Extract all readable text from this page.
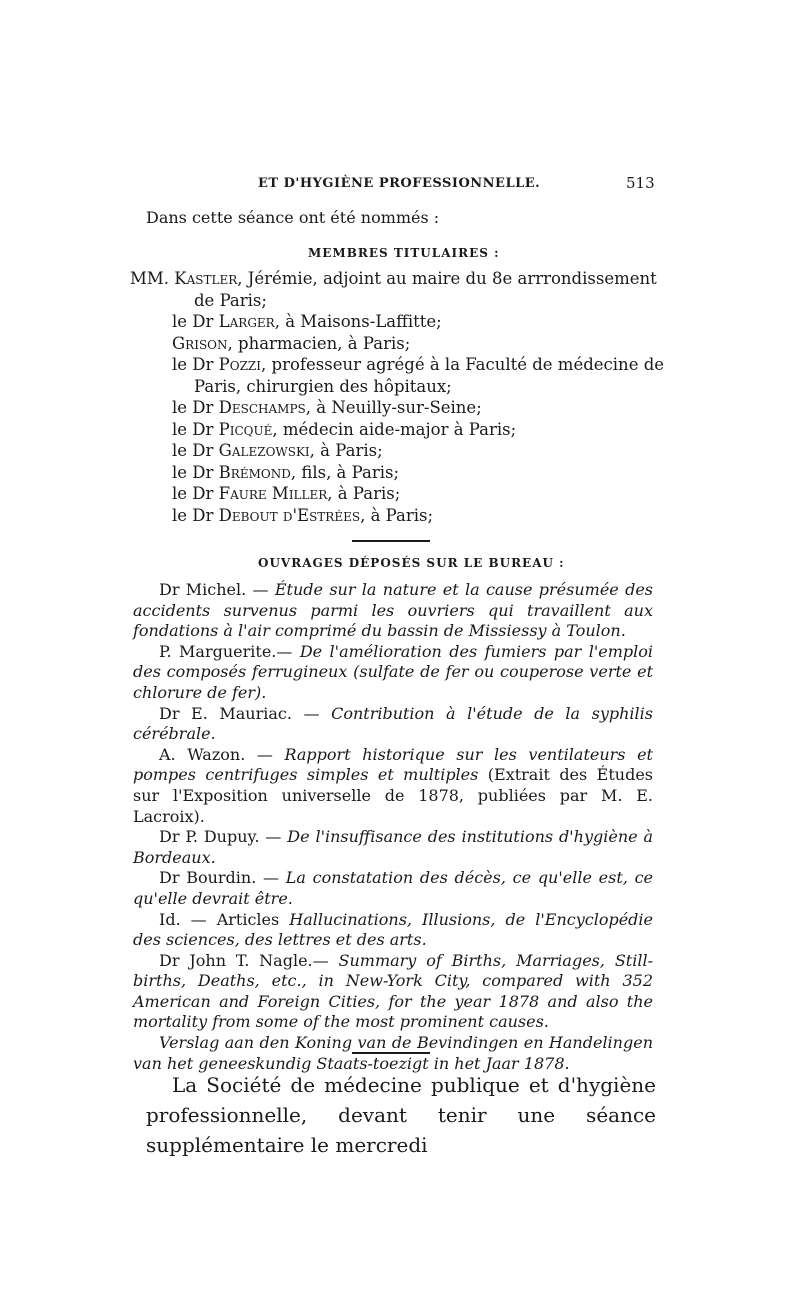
ET D'HYGIÈNE PROFESSIONNELLE.	513
Dans cette séance ont été nommés :
MEMBRES TITULAIRES :
MM. Kastler, Jérémie, adjoint au maire du 8e arrrondissement
de Paris;
le Dr Larger, à Maisons-Laffitte;
Grison, pharmacien, à Paris;
le Dr Pozzi, professeur agrégé à la Faculté de médecine de
Paris, chirurgien des hôpitaux;
le Dr Deschamps, à Neuilly-sur-Seine;
le Dr Picqué, médecin aide-major à Paris;
le Dr Galezowski, à Paris;
le Dr Brémond, fils, à Paris;
le Dr Faure Miller, à Paris;
le Dr Debout d'Estrées, à Paris;
OUVRAGES DÉPOSÉS SUR LE BUREAU :

Dr Michel. — Étude sur la nature et la cause présumée des accidents survenus parmi les ouvriers qui travaillent aux fondations à l'air comprimé du bassin de Missiessy à Toulon.

P. Marguerite.— De l'amélioration des fumiers par l'emploi des composés ferrugineux (sulfate de fer ou couperose verte et chlorure de fer).

Dr E. Mauriac. — Contribution à l'étude de la syphilis cérébrale.

A. Wazon. — Rapport historique sur les ventilateurs et pompes centrifuges simples et multiples (Extrait des Études sur l'Exposition universelle de 1878, publiées par M. E. Lacroix).

Dr P. Dupuy. — De l'insuffisance des institutions d'hygiène à Bordeaux.

Dr Bourdin. — La constatation des décès, ce qu'elle est, ce qu'elle devrait être.

Id. — Articles Hallucinations, Illusions, de l'Encyclopédie des sciences, des lettres et des arts.

Dr John T. Nagle.— Summary of Births, Marriages, Still-births, Deaths, etc., in New-York City, compared with 352 American and Foreign Cities, for the year 1878 and also the mortality from some of the most prominent causes.

Verslag aan den Koning van de Bevindingen en Handelingen van het geneeskundig Staats-toezigt in het Jaar 1878.

La Société de médecine publique et d'hygiène professionnelle, devant tenir une séance supplémentaire le mercredi
